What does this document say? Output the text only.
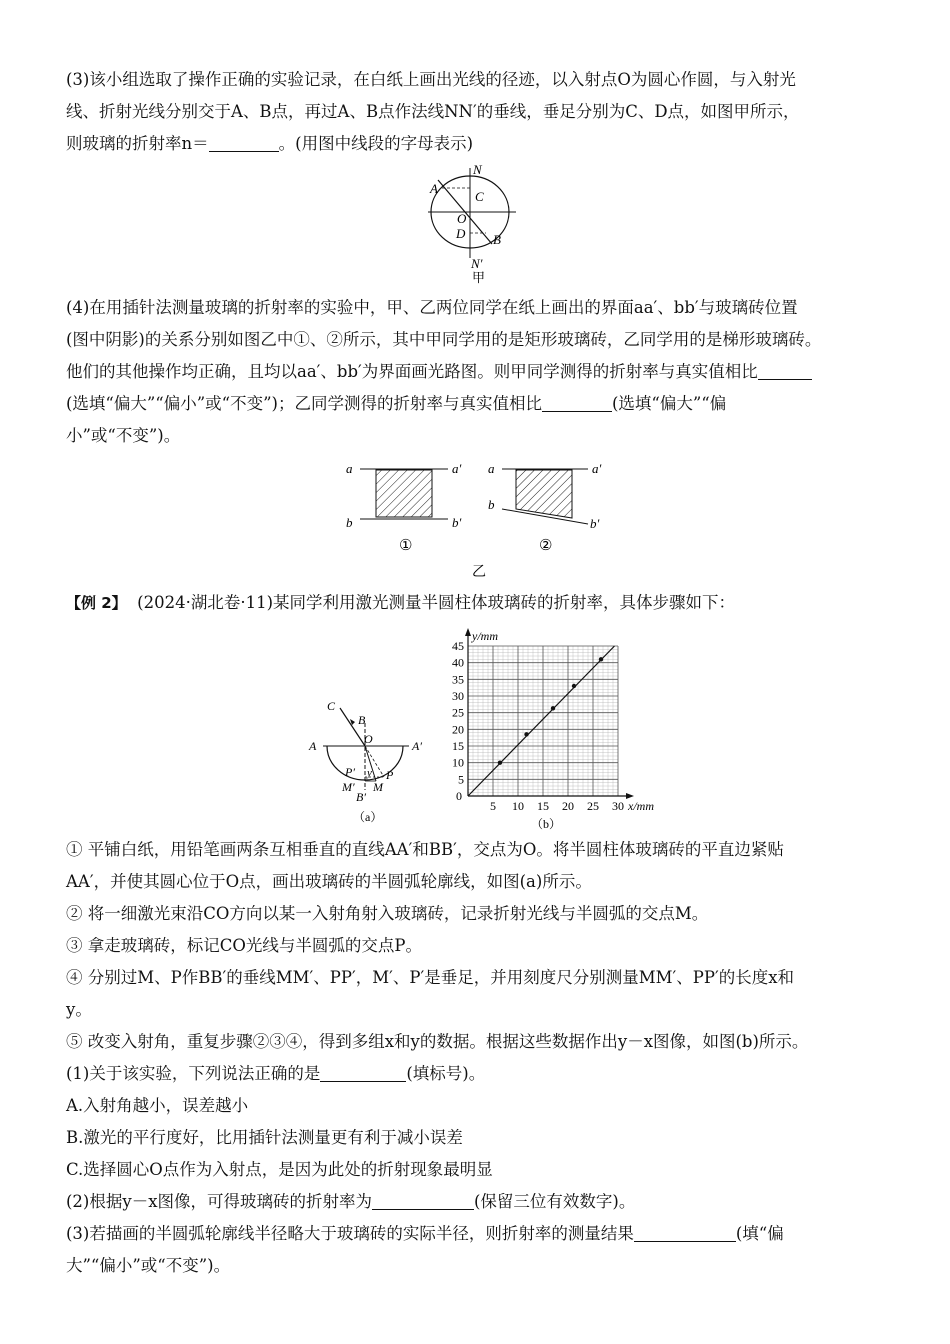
(3)该小组选取了操作正确的实验记录，在白纸上画出光线的径迹，以入射点O为圆心作圆，与入射光

线、折射光线分别交于A、B点，再过A、B点作法线NN′的垂线，垂足分别为C、D点，如图甲所示，

则玻璃的折射率n＝	。(用图中线段的字母表示)

N
A
C
O
D B
N′
甲

(4)在用插针法测量玻璃的折射率的实验中，甲、乙两位同学在纸上画出的界面aa′、bb′与玻璃砖位置

(图中阴影)的关系分别如图乙中①、②所示，其中甲同学用的是矩形玻璃砖，乙同学用的是梯形玻璃砖。

他们的其他操作均正确，且均以aa′、bb′为界面画光路图。则甲同学测得的折射率与真实值相比

(选填“偏大”“偏小”或“不变”)；乙同学测得的折射率与真实值相比	(选填“偏大”“偏

小”或“不变”)。

a	a′
b	b′
①
a	a′
b
b′
②
乙

【例 2】 (2024·湖北卷·11)某同学利用激光测量半圆柱体玻璃砖的折射率，具体步骤如下：

C
B
O
A	A′
P′ y P
M′ M
B′
（a）
5 10 15 20 25 30
5
10
15
20
25
30
35
40
45
y/mm
x/mm
0
（b）

① 平铺白纸，用铅笔画两条互相垂直的直线AA′和BB′，交点为O。将半圆柱体玻璃砖的平直边紧贴

AA′，并使其圆心位于O点，画出玻璃砖的半圆弧轮廓线，如图(a)所示。

② 将一细激光束沿CO方向以某一入射角射入玻璃砖，记录折射光线与半圆弧的交点M。

③ 拿走玻璃砖，标记CO光线与半圆弧的交点P。

④ 分别过M、P作BB′的垂线MM′、PP′，M′、P′是垂足，并用刻度尺分别测量MM′、PP′的长度x和

y。

⑤ 改变入射角，重复步骤②③④，得到多组x和y的数据。根据这些数据作出y－x图像，如图(b)所示。

(1)关于该实验，下列说法正确的是	(填标号)。

A.入射角越小，误差越小

B.激光的平行度好，比用插针法测量更有利于减小误差

C.选择圆心O点作为入射点，是因为此处的折射现象最明显

(2)根据y－x图像，可得玻璃砖的折射率为	(保留三位有效数字)。

(3)若描画的半圆弧轮廓线半径略大于玻璃砖的实际半径，则折射率的测量结果	(填“偏

大”“偏小”或“不变”)。
